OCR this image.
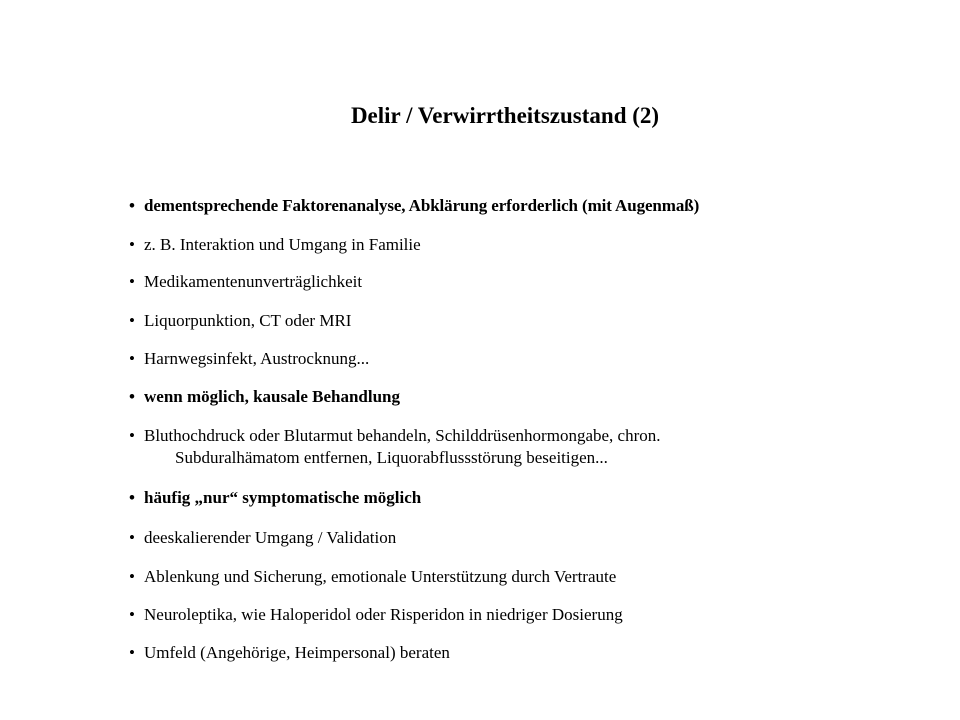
Delir / Verwirrtheitszustand (2)
• dementsprechende Faktorenanalyse, Abklärung erforderlich (mit Augenmaß)
• z. B. Interaktion und Umgang in Familie
• Medikamentenunverträglichkeit
• Liquorpunktion, CT oder MRI
• Harnwegsinfekt, Austrocknung...
• wenn möglich, kausale Behandlung
• Bluthochdruck oder Blutarmut behandeln, Schilddrüsenhormongabe, chron.
Subduralhämatom entfernen, Liquorabflussstörung beseitigen...
• häufig „nur“ symptomatische möglich
• deeskalierender Umgang / Validation
• Ablenkung und Sicherung, emotionale Unterstützung durch Vertraute
• Neuroleptika, wie Haloperidol oder Risperidon in niedriger Dosierung
• Umfeld (Angehörige, Heimpersonal) beraten
